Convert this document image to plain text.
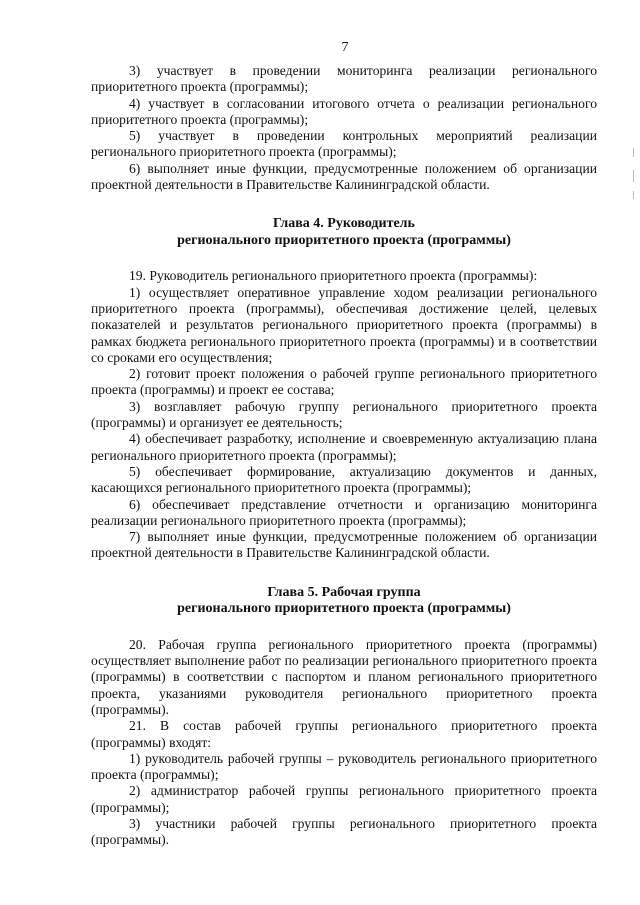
7

3) участвует в проведении мониторинга реализации регионального приоритетного проекта (программы);

4) участвует в согласовании итогового отчета о реализации регионального приоритетного проекта (программы);

5) участвует в проведении контрольных мероприятий реализации регионального приоритетного проекта (программы);

6) выполняет иные функции, предусмотренные положением об организации проектной деятельности в Правительстве Калининградской области.

Глава 4. Руководитель
регионального приоритетного проекта (программы)

19. Руководитель регионального приоритетного проекта (программы):

1) осуществляет оперативное управление ходом реализации регионального приоритетного проекта (программы), обеспечивая достижение целей, целевых показателей и результатов регионального приоритетного проекта (программы) в рамках бюджета регионального приоритетного проекта (программы) и в соответствии со сроками его осуществления;

2) готовит проект положения о рабочей группе регионального приоритетного проекта (программы) и проект ее состава;

3) возглавляет рабочую группу регионального приоритетного проекта (программы) и организует ее деятельность;

4) обеспечивает разработку, исполнение и своевременную актуализацию плана регионального приоритетного проекта (программы);

5) обеспечивает формирование, актуализацию документов и данных, касающихся регионального приоритетного проекта (программы);

6) обеспечивает представление отчетности и организацию мониторинга реализации регионального приоритетного проекта (программы);

7) выполняет иные функции, предусмотренные положением об организации проектной деятельности в Правительстве Калининградской области.

Глава 5. Рабочая группа
регионального приоритетного проекта (программы)

20. Рабочая группа регионального приоритетного проекта (программы) осуществляет выполнение работ по реализации регионального приоритетного проекта (программы) в соответствии с паспортом и планом регионального приоритетного проекта, указаниями руководителя регионального приоритетного проекта (программы).

21. В состав рабочей группы регионального приоритетного проекта (программы) входят:

1) руководитель рабочей группы – руководитель регионального приоритетного проекта (программы);

2) администратор рабочей группы регионального приоритетного проекта (программы);

3) участники рабочей группы регионального приоритетного проекта (программы).
